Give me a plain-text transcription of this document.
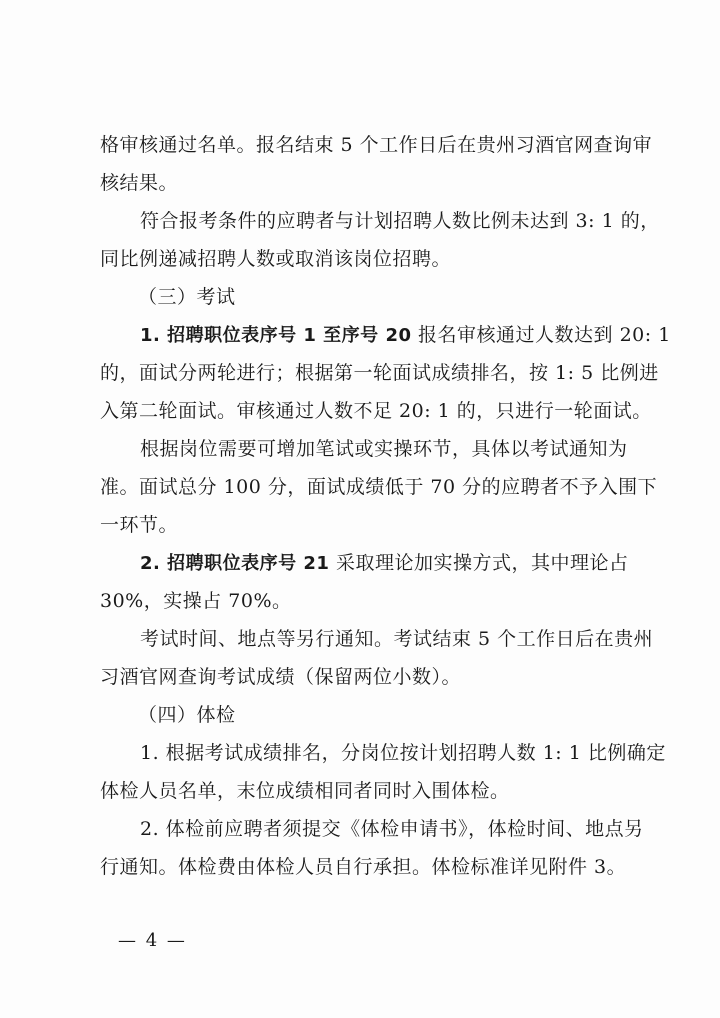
格审核通过名单。报名结束 5 个工作日后在贵州习酒官网查询审
核结果。
符合报考条件的应聘者与计划招聘人数比例未达到 3: 1 的，
同比例递减招聘人数或取消该岗位招聘。
（三）考试
1. 招聘职位表序号 1 至序号 20 报名审核通过人数达到 20: 1
的，面试分两轮进行；根据第一轮面试成绩排名，按 1: 5 比例进
入第二轮面试。审核通过人数不足 20: 1 的，只进行一轮面试。
根据岗位需要可增加笔试或实操环节，具体以考试通知为
准。面试总分 100 分，面试成绩低于 70 分的应聘者不予入围下
一环节。
2. 招聘职位表序号 21 采取理论加实操方式，其中理论占
30%，实操占 70%。
考试时间、地点等另行通知。考试结束 5 个工作日后在贵州
习酒官网查询考试成绩（保留两位小数）。
（四）体检
1. 根据考试成绩排名，分岗位按计划招聘人数 1: 1 比例确定
体检人员名单，末位成绩相同者同时入围体检。
2. 体检前应聘者须提交《体检申请书》，体检时间、地点另
行通知。体检费由体检人员自行承担。体检标准详见附件 3。
— 4 —
